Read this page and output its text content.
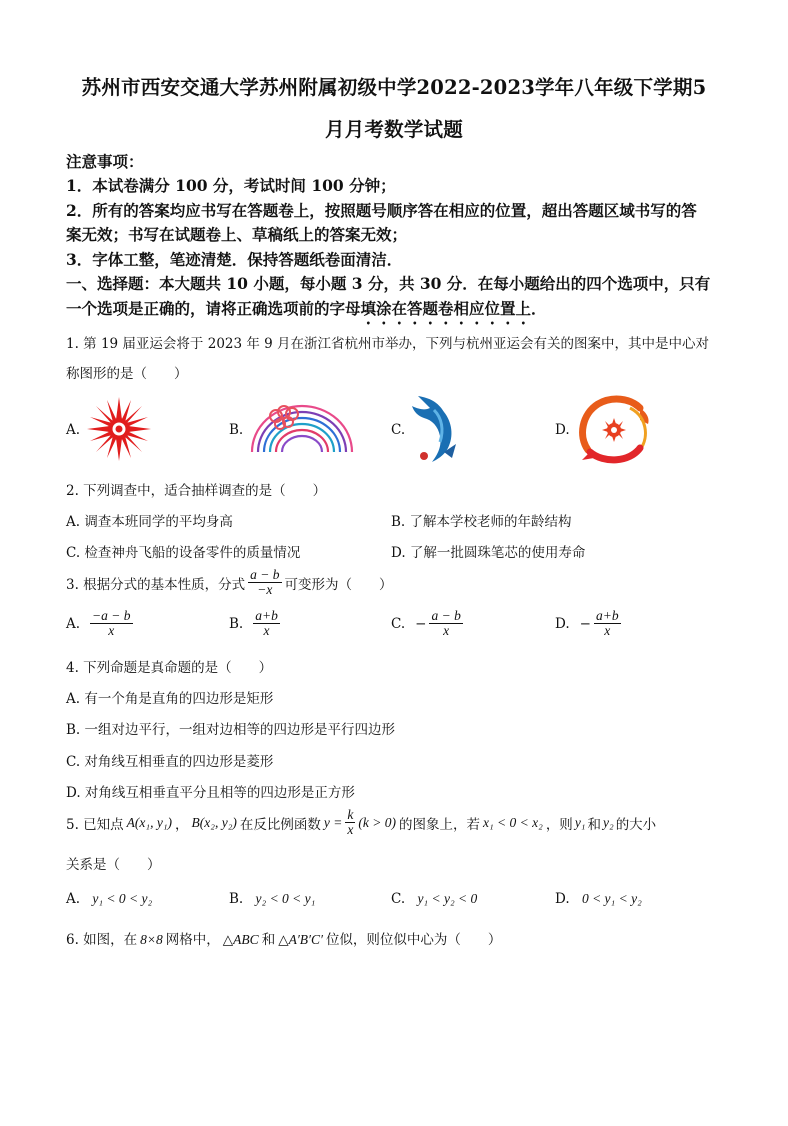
苏州市西安交通大学苏州附属初级中学2022-2023学年八年级下学期5
月月考数学试题
注意事项：
1．本试卷满分 100 分，考试时间 100 分钟；
2．所有的答案均应书写在答题卷上，按照题号顺序答在相应的位置，超出答题区域书写的答
案无效；书写在试题卷上、草稿纸上的答案无效；
3．字体工整，笔迹清楚．保持答题纸卷面清洁．
一、选择题：本大题共 10 小题，每小题 3 分，共 30 分．在每小题给出的四个选项中，只有
一个选项是正确的，请将正确选项前的字母填涂在答题卷相应位置上．
1. 第 19 届亚运会将于 2023 年 9 月在浙江省杭州市举办，下列与杭州亚运会有关的图案中，其中是中心对
称图形的是（　　）
A.	B.	C.	D.
2. 下列调查中，适合抽样调查的是（　　）
A. 调查本班同学的平均身高	B. 了解本学校老师的年龄结构
C. 检查神舟飞船的设备零件的质量情况	D. 了解一批圆珠笔芯的使用寿命
3. 根据分式的基本性质，分式 $\frac{a - b}{-x}$ 可变形为（　　）
A. $\frac{-a - b}{x}$	B. $\frac{a+b}{x}$	C. − $\frac{a - b}{x}$	D. − $\frac{a+b}{x}$
4. 下列命题是真命题的是（　　）
A. 有一个角是直角的四边形是矩形
B. 一组对边平行，一组对边相等的四边形是平行四边形
C. 对角线互相垂直的四边形是菱形
D. 对角线互相垂直平分且相等的四边形是正方形
5. 已知点 A(x₁, y₁) ， B(x₂, y₂) 在反比例函数 $y = \frac{k}{x} (k > 0)$ 的图象上，若 x₁ < 0 < x₂ ，则 y₁ 和 y₂ 的大小
关系是（　　）
A. y₁ < 0 < y₂	B. y₂ < 0 < y₁	C. y₁ < y₂ < 0	D. 0 < y₁ < y₂
6. 如图，在 8×8 网格中， △ABC 和 △A′B′C′ 位似，则位似中心为（　　）
